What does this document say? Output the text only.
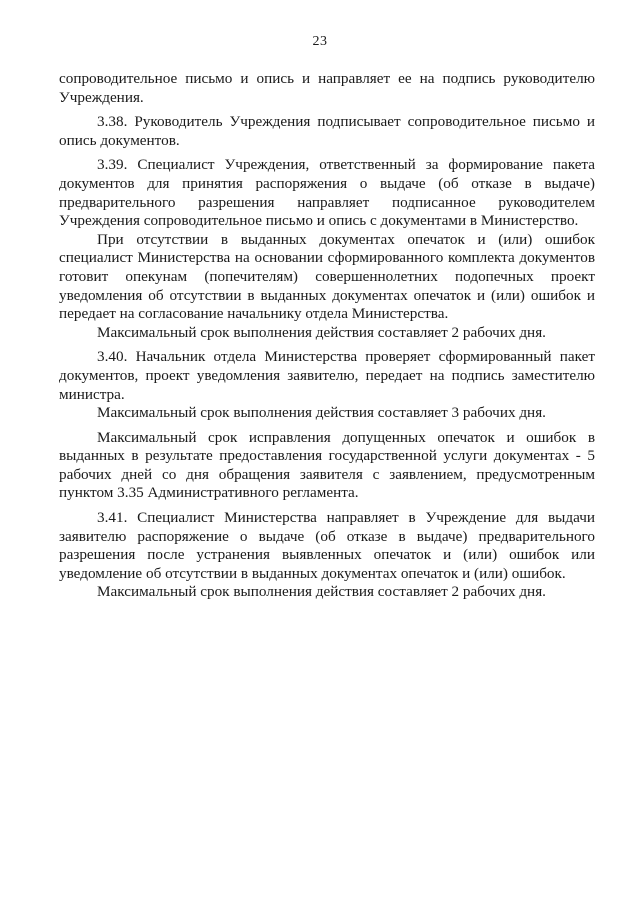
23

сопроводительное письмо и опись и направляет ее на подпись руководителю Учреждения.

3.38. Руководитель Учреждения подписывает сопроводительное письмо и опись документов.

3.39. Специалист Учреждения, ответственный за формирование пакета документов для принятия распоряжения о выдаче (об отказе в выдаче) предварительного разрешения направляет подписанное руководителем Учреждения сопроводительное письмо и опись с документами в Министерство.

При отсутствии в выданных документах опечаток и (или) ошибок специалист Министерства на основании сформированного комплекта документов готовит опекунам (попечителям) совершеннолетних подопечных проект уведомления об отсутствии в выданных документах опечаток и (или) ошибок и передает на согласование начальнику отдела Министерства.

Максимальный срок выполнения действия составляет 2 рабочих дня.

3.40. Начальник отдела Министерства проверяет сформированный пакет документов, проект уведомления заявителю, передает на подпись заместителю министра.

Максимальный срок выполнения действия составляет 3 рабочих дня.

Максимальный срок исправления допущенных опечаток и ошибок в выданных в результате предоставления государственной услуги документах - 5 рабочих дней со дня обращения заявителя с заявлением, предусмотренным пунктом 3.35 Административного регламента.

3.41. Специалист Министерства направляет в Учреждение для выдачи заявителю распоряжение о выдаче (об отказе в выдаче) предварительного разрешения после устранения выявленных опечаток и (или) ошибок или уведомление об отсутствии в выданных документах опечаток и (или) ошибок.

Максимальный срок выполнения действия составляет 2 рабочих дня.
